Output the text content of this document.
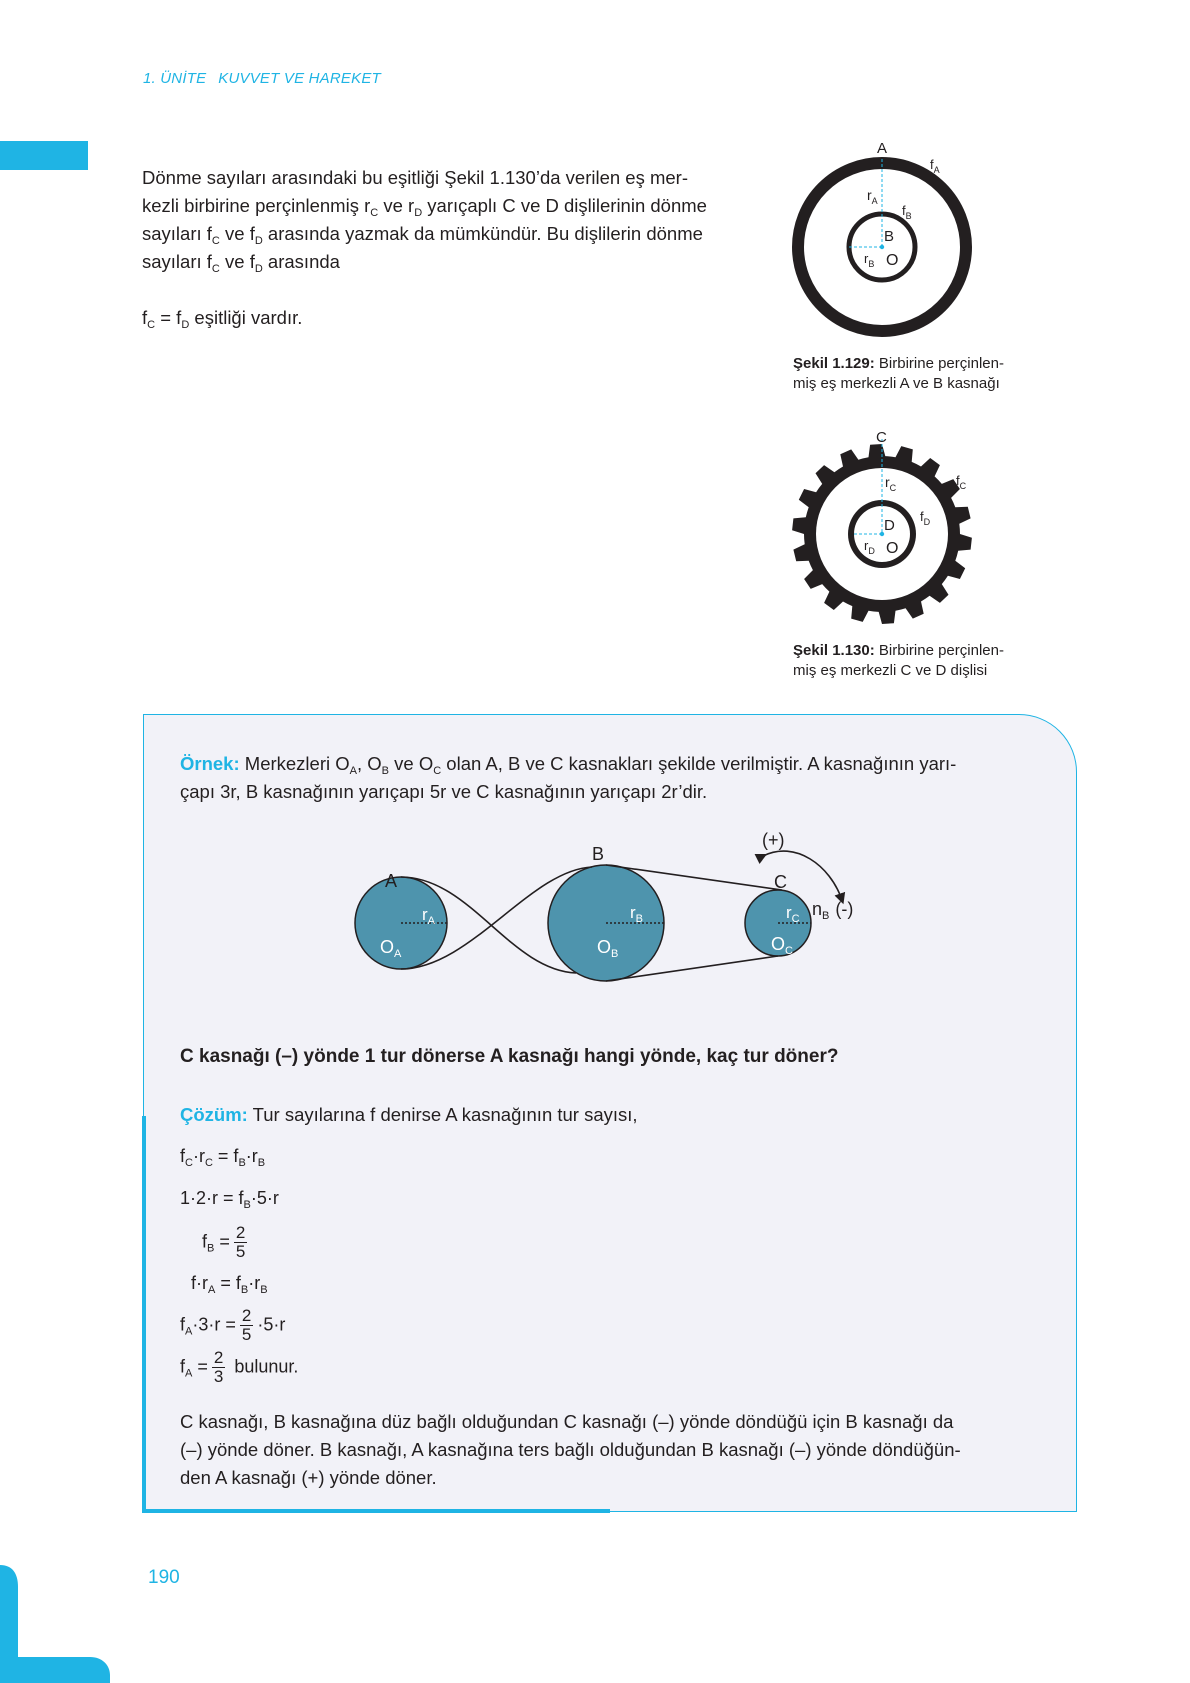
1. ÜNİTE KUVVET VE HAREKET
Dönme sayıları arasındaki bu eşitliği Şekil 1.130’da verilen eş mer-
kezli birbirine perçinlenmiş $r_C$ ve $r_D$ yarıçaplı C ve D dişlilerinin dönme
sayıları $f_C$ ve $f_D$ arasında yazmak da mümkündür. Bu dişlilerin dönme
sayıları $f_C$ ve $f_D$ arasında
$f_C = f_D$ eşitliği vardır.
A
$f_A$
$r_A$
$f_B$
B
$r_B$ O
Şekil 1.129: Birbirine perçinlen-
miş eş merkezli A ve B kasnağı
C
$f_C$
$r_C$
$f_D$
D
$r_D$ O
Şekil 1.130: Birbirine perçinlen-
miş eş merkezli C ve D dişlisi
Örnek: Merkezleri $O_A$, $O_B$ ve $O_C$ olan A, B ve C kasnakları şekilde verilmiştir. A kasnağının yarı-
çapı 3r, B kasnağının yarıçapı 5r ve C kasnağının yarıçapı 2r’dir.
A
B
C
$r_A$	$r_B$	$r_C$
$O_A$	$O_B$	$O_C$
(+)
$n_B$ (-)
C kasnağı (–) yönde 1 tur dönerse A kasnağı hangi yönde, kaç tur döner?
Çözüm: Tur sayılarına f denirse A kasnağının tur sayısı,
$f_C\cdot r_C = f_B\cdot r_B$
$1\cdot 2\cdot r = f_B\cdot 5\cdot r$
$f_B = \frac{2}{5}$
$f\cdot r_A = f_B\cdot r_B$
$f_A\cdot 3\cdot r = \frac{2}{5} \cdot 5\cdot r$
$f_A = \frac{2}{3}$ bulunur.
C kasnağı, B kasnağına düz bağlı olduğundan C kasnağı (–) yönde döndüğü için B kasnağı da
(–) yönde döner. B kasnağı, A kasnağına ters bağlı olduğundan B kasnağı (–) yönde döndüğün-
den A kasnağı (+) yönde döner.
190
